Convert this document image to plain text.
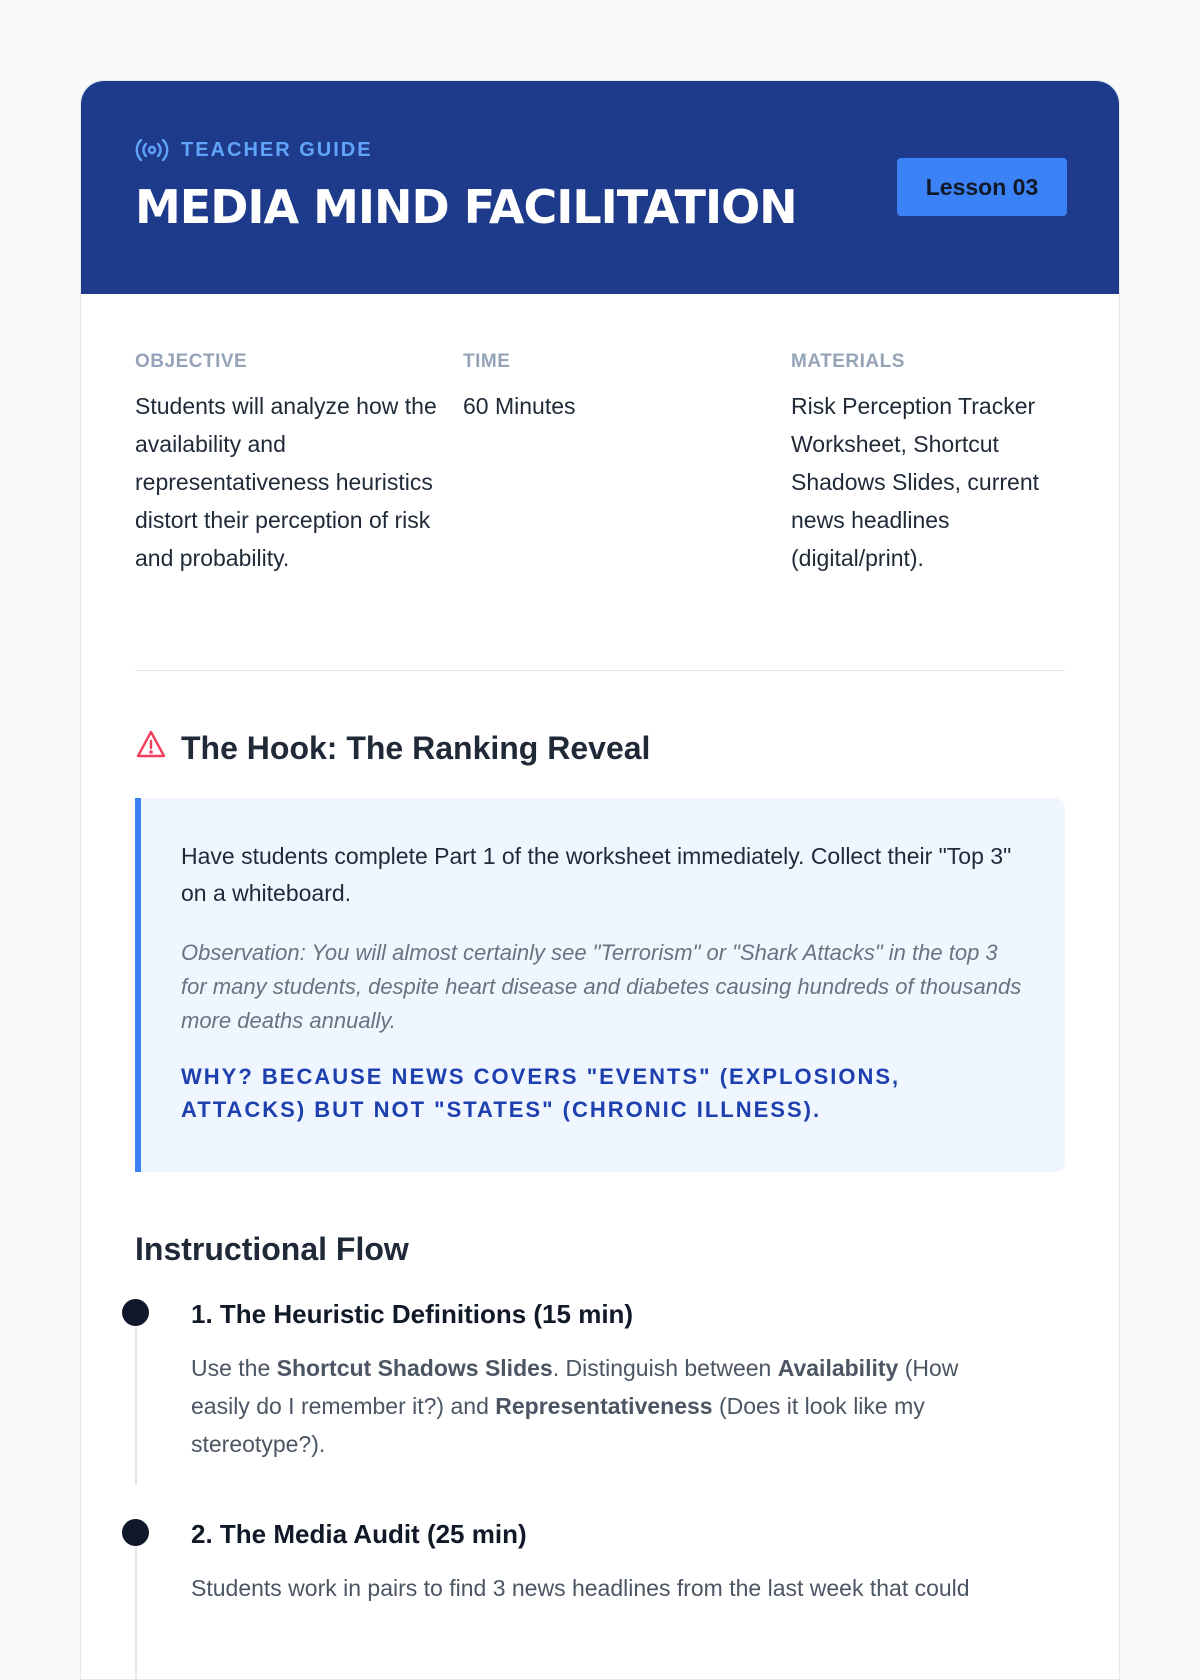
TEACHER GUIDE
MEDIA MIND FACILITATION	Lesson 03
OBJECTIVE
Students will analyze how the availability and representativeness heuristics distort their perception of risk and probability.
TIME
60 Minutes
MATERIALS
Risk Perception Tracker Worksheet, Shortcut Shadows Slides, current news headlines (digital/print).
The Hook: The Ranking Reveal

Have students complete Part 1 of the worksheet immediately. Collect their "Top 3" on a whiteboard.

Observation: You will almost certainly see "Terrorism" or "Shark Attacks" in the top 3 for many students, despite heart disease and diabetes causing hundreds of thousands more deaths annually.

WHY? BECAUSE NEWS COVERS "EVENTS" (EXPLOSIONS, ATTACKS) BUT NOT "STATES" (CHRONIC ILLNESS).

Instructional Flow
1. The Heuristic Definitions (15 min)

Use the Shortcut Shadows Slides. Distinguish between Availability (How easily do I remember it?) and Representativeness (Does it look like my stereotype?).

2. The Media Audit (25 min)

Students work in pairs to find 3 news headlines from the last week that could
